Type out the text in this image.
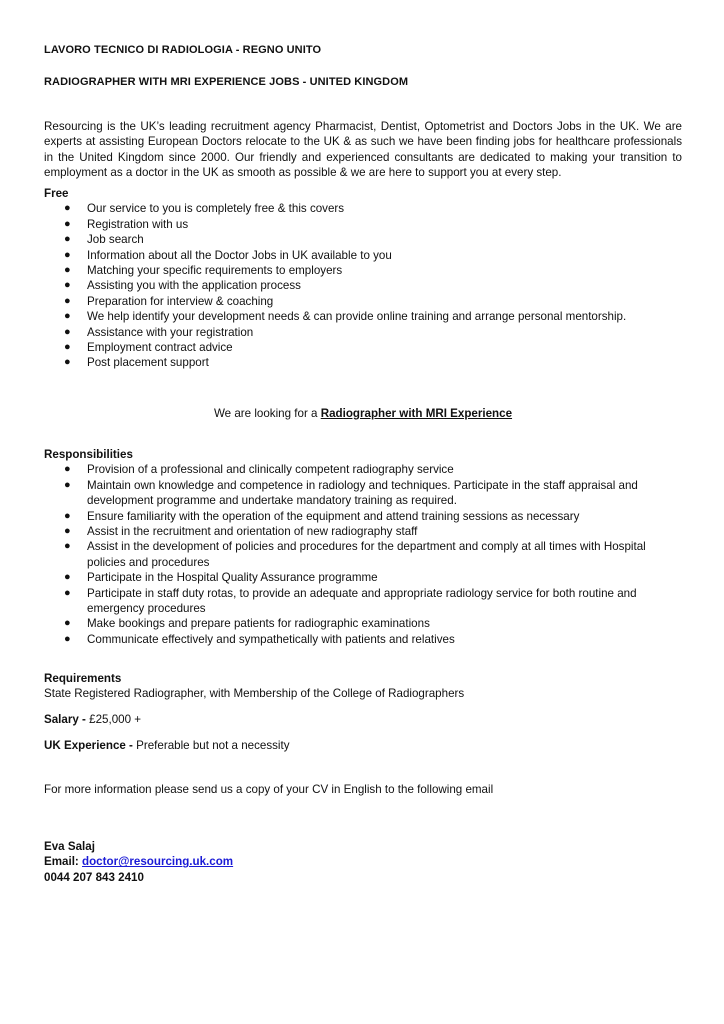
LAVORO TECNICO DI RADIOLOGIA - REGNO UNITO
RADIOGRAPHER WITH MRI EXPERIENCE JOBS - UNITED KINGDOM

Resourcing is the UK’s leading recruitment agency Pharmacist, Dentist, Optometrist and Doctors Jobs in the UK. We are experts at assisting European Doctors relocate to the UK & as such we have been finding jobs for healthcare professionals in the United Kingdom since 2000. Our friendly and experienced consultants are dedicated to making your transition to employment as a doctor in the UK as smooth as possible & we are here to support you at every step.

Free

● Our service to you is completely free & this covers
● Registration with us
● Job search
● Information about all the Doctor Jobs in UK available to you
● Matching your specific requirements to employers
● Assisting you with the application process
● Preparation for interview & coaching
● We help identify your development needs & can provide online training and arrange personal mentorship.
● Assistance with your registration
● Employment contract advice
● Post placement support

We are looking for a Radiographer with MRI Experience

Responsibilities

● Provision of a professional and clinically competent radiography service
● Maintain own knowledge and competence in radiology and techniques. Participate in the staff appraisal and development programme and undertake mandatory training as required.
● Ensure familiarity with the operation of the equipment and attend training sessions as necessary
● Assist in the recruitment and orientation of new radiography staff
● Assist in the development of policies and procedures for the department and comply at all times with Hospital policies and procedures
● Participate in the Hospital Quality Assurance programme
● Participate in staff duty rotas, to provide an adequate and appropriate radiology service for both routine and emergency procedures
● Make bookings and prepare patients for radiographic examinations
● Communicate effectively and sympathetically with patients and relatives

Requirements

State Registered Radiographer, with Membership of the College of Radiographers

Salary - £25,000 +

UK Experience - Preferable but not a necessity

For more information please send us a copy of your CV in English to the following email

Eva Salaj

Email: doctor@resourcing.uk.com

0044 207 843 2410
